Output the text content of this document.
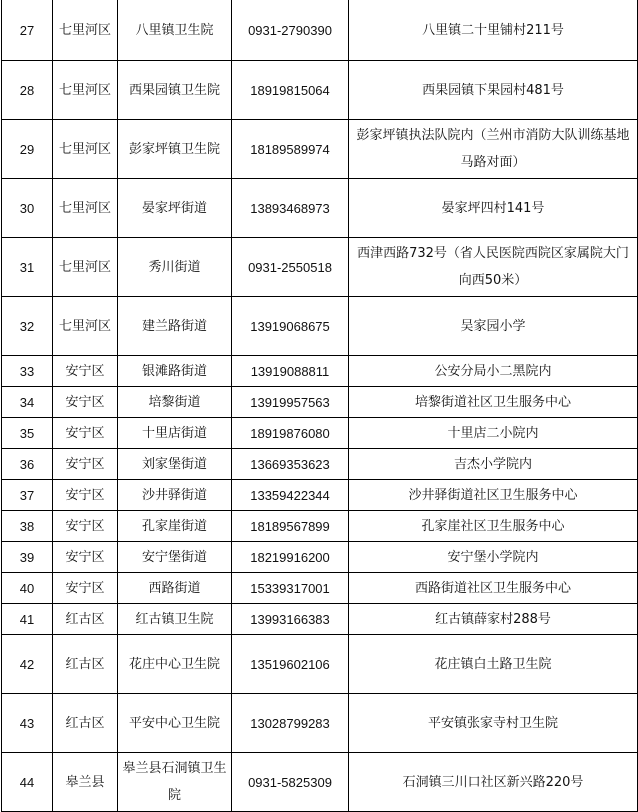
27	七里河区	八里镇卫生院	0931-2790390	八里镇二十里铺村211号
28	七里河区	西果园镇卫生院	18919815064	西果园镇下果园村481号
29	七里河区	彭家坪镇卫生院	18189589974	彭家坪镇执法队院内（兰州市消防大队训练基地马路对面）
30	七里河区	晏家坪街道	13893468973	晏家坪四村141号
31	七里河区	秀川街道	0931-2550518	西津西路732号（省人民医院西院区家属院大门向西50米）
32	七里河区	建兰路街道	13919068675	吴家园小学
33	安宁区	银滩路街道	13919088811	公安分局小二黑院内
34	安宁区	培黎街道	13919957563	培黎街道社区卫生服务中心
35	安宁区	十里店街道	18919876080	十里店二小院内
36	安宁区	刘家堡街道	13669353623	吉杰小学院内
37	安宁区	沙井驿街道	13359422344	沙井驿街道社区卫生服务中心
38	安宁区	孔家崖街道	18189567899	孔家崖社区卫生服务中心
39	安宁区	安宁堡街道	18219916200	安宁堡小学院内
40	安宁区	西路街道	15339317001	西路街道社区卫生服务中心
41	红古区	红古镇卫生院	13993166383	红古镇薛家村288号
42	红古区	花庄中心卫生院	13519602106	花庄镇白土路卫生院
43	红古区	平安中心卫生院	13028799283	平安镇张家寺村卫生院
44	皋兰县	皋兰县石洞镇卫生院	0931-5825309	石洞镇三川口社区新兴路220号
